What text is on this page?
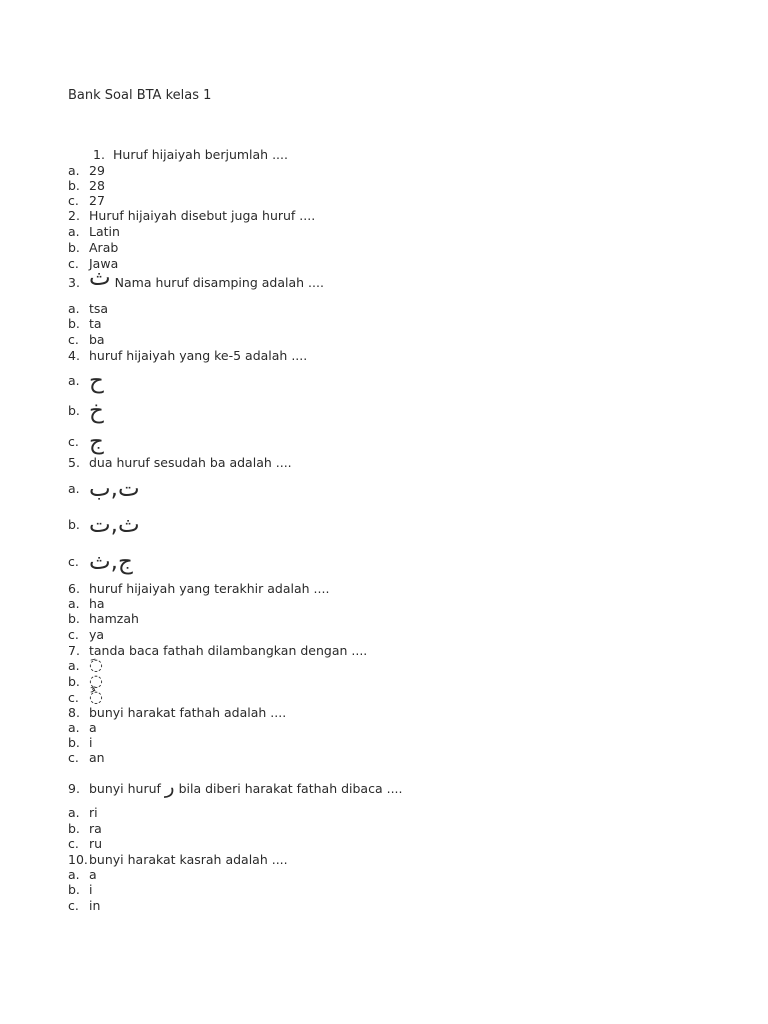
Bank Soal BTA kelas 1
1. Huruf hijaiyah berjumlah ....
a. 29
b. 28
c. 27
2. Huruf hijaiyah disebut juga huruf ....
a. Latin
b. Arab
c. Jawa
3. ث Nama huruf disamping adalah ....
a. tsa
b. ta
c. ba
4. huruf hijaiyah yang ke-5 adalah ....
a. ح
b. خ
c. ج
5. dua huruf sesudah ba adalah ....
a. ت,ب
b. ث,ت
c. ج,ث
6. huruf hijaiyah yang terakhir adalah ....
a. ha
b. hamzah
c. ya
7. tanda baca fathah dilambangkan dengan ....
a. ◌َ
b. ◌ِ
c. ◌ُ
8. bunyi harakat fathah adalah ....
a. a
b. i
c. an
9. bunyi huruf ر bila diberi harakat fathah dibaca ....
a. ri
b. ra
c. ru
10.bunyi harakat kasrah adalah ....
a. a
b. i
c. in
